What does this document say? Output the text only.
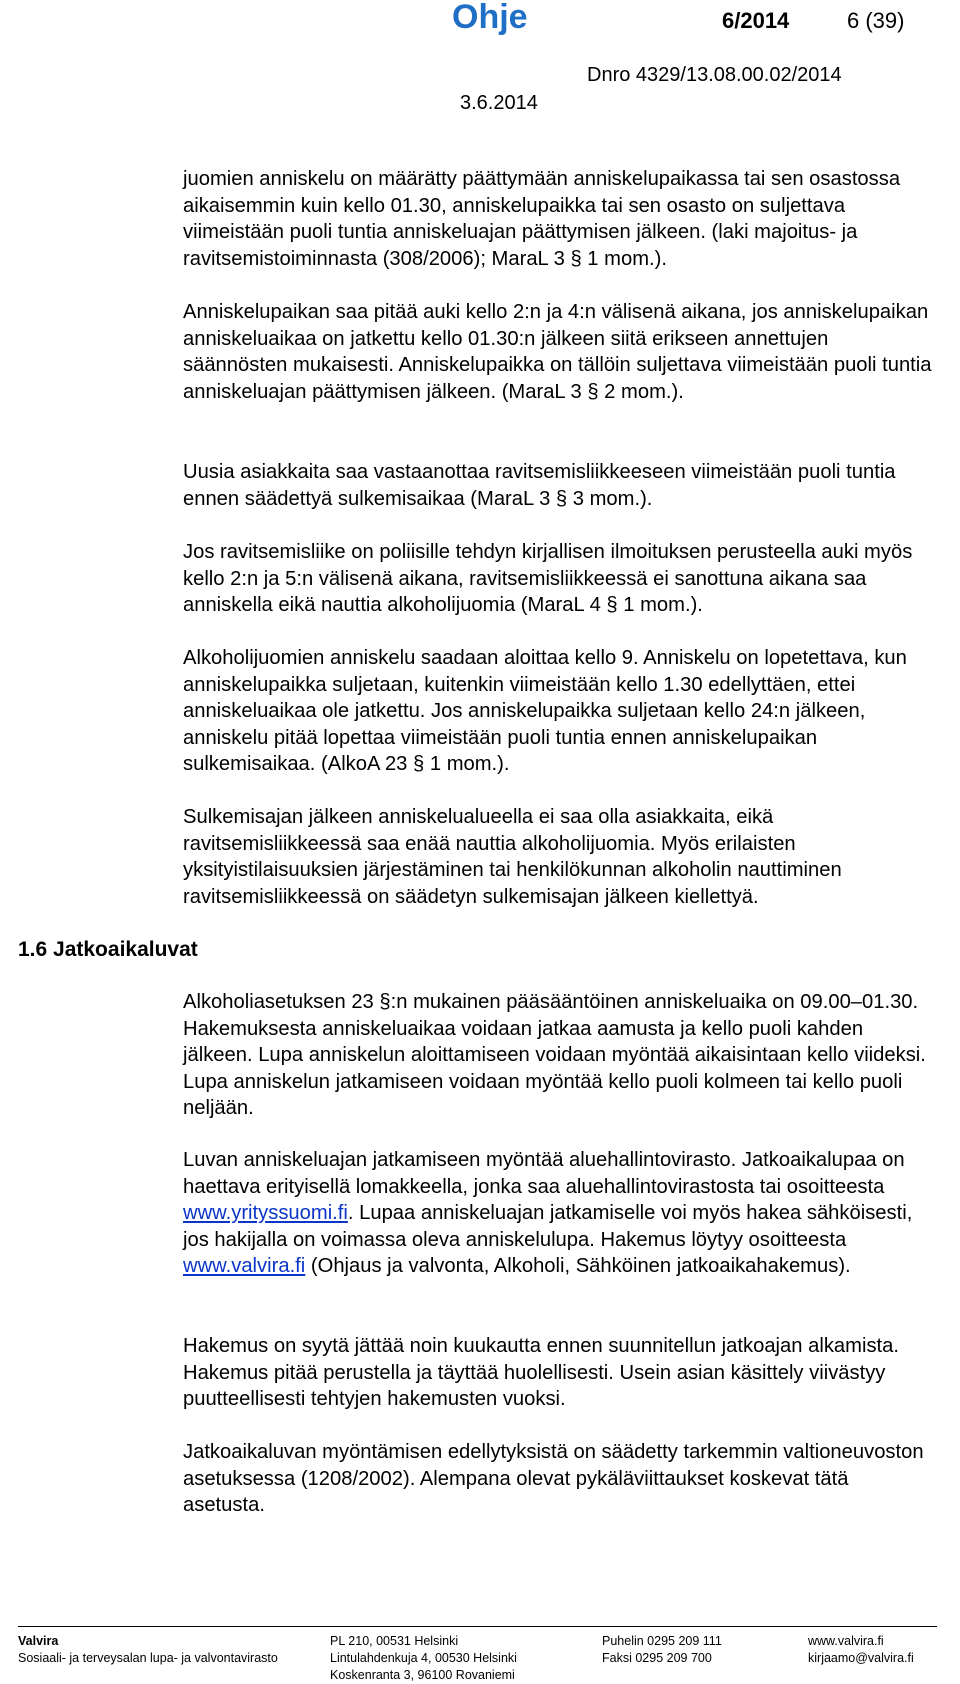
Ohje	6/2014	6 (39)
Dnro 4329/13.08.00.02/2014
3.6.2014
1.6 Jatkoaikaluvat

juomien anniskelu on määrätty päättymään anniskelupaikassa tai sen osastossa aikaisemmin kuin kello 01.30, anniskelupaikka tai sen osasto on suljettava viimeistään puoli tuntia anniskeluajan päättymisen jälkeen. (laki majoitus- ja ravitsemistoiminnasta (308/2006); MaraL 3 § 1 mom.).

Anniskelupaikan saa pitää auki kello 2:n ja 4:n välisenä aikana, jos anniskelupaikan anniskeluaikaa on jatkettu kello 01.30:n jälkeen siitä erikseen annettujen säännösten mukaisesti. Anniskelupaikka on tällöin suljettava viimeistään puoli tuntia anniskeluajan päättymisen jälkeen. (MaraL 3 § 2 mom.).

Uusia asiakkaita saa vastaanottaa ravitsemisliikkeeseen viimeistään puoli tuntia ennen säädettyä sulkemisaikaa (MaraL 3 § 3 mom.).

Jos ravitsemisliike on poliisille tehdyn kirjallisen ilmoituksen perusteella auki myös kello 2:n ja 5:n välisenä aikana, ravitsemisliikkeessä ei sanottuna aikana saa anniskella eikä nauttia alkoholijuomia (MaraL 4 § 1 mom.).

Alkoholijuomien anniskelu saadaan aloittaa kello 9. Anniskelu on lopetettava, kun anniskelupaikka suljetaan, kuitenkin viimeistään kello 1.30 edellyttäen, ettei anniskeluaikaa ole jatkettu. Jos anniskelupaikka suljetaan kello 24:n jälkeen, anniskelu pitää lopettaa viimeistään puoli tuntia ennen anniskelupaikan sulkemisaikaa. (AlkoA 23 § 1 mom.).

Sulkemisajan jälkeen anniskelualueella ei saa olla asiakkaita, eikä ravitsemisliikkeessä saa enää nauttia alkoholijuomia. Myös erilaisten yksityistilaisuuksien järjestäminen tai henkilökunnan alkoholin nauttiminen ravitsemisliikkeessä on säädetyn sulkemisajan jälkeen kiellettyä.

Alkoholiasetuksen 23 §:n mukainen pääsääntöinen anniskeluaika on 09.00–01.30. Hakemuksesta anniskeluaikaa voidaan jatkaa aamusta ja kello puoli kahden jälkeen. Lupa anniskelun aloittamiseen voidaan myöntää aikaisintaan kello viideksi. Lupa anniskelun jatkamiseen voidaan myöntää kello puoli kolmeen tai kello puoli neljään.

Luvan anniskeluajan jatkamiseen myöntää aluehallintovirasto. Jatkoaikalupaa on haettava erityisellä lomakkeella, jonka saa aluehallintovirastosta tai osoitteesta www.yrityssuomi.fi. Lupaa anniskeluajan jatkamiselle voi myös hakea sähköisesti, jos hakijalla on voimassa oleva anniskelulupa. Hakemus löytyy osoitteesta www.valvira.fi (Ohjaus ja valvonta, Alkoholi, Sähköinen jatkoaikahakemus).

Hakemus on syytä jättää noin kuukautta ennen suunnitellun jatkoajan alkamista. Hakemus pitää perustella ja täyttää huolellisesti. Usein asian käsittely viivästyy puutteellisesti tehtyjen hakemusten vuoksi.

Jatkoaikaluvan myöntämisen edellytyksistä on säädetty tarkemmin valtioneuvoston asetuksessa (1208/2002). Alempana olevat pykäläviittaukset koskevat tätä asetusta.

Valvira
Sosiaali- ja terveysalan lupa- ja valvontavirasto
PL 210, 00531 Helsinki
Lintulahdenkuja 4, 00530 Helsinki
Koskenranta 3, 96100 Rovaniemi
Puhelin 0295 209 111
Faksi 0295 209 700
www.valvira.fi
kirjaamo@valvira.fi
